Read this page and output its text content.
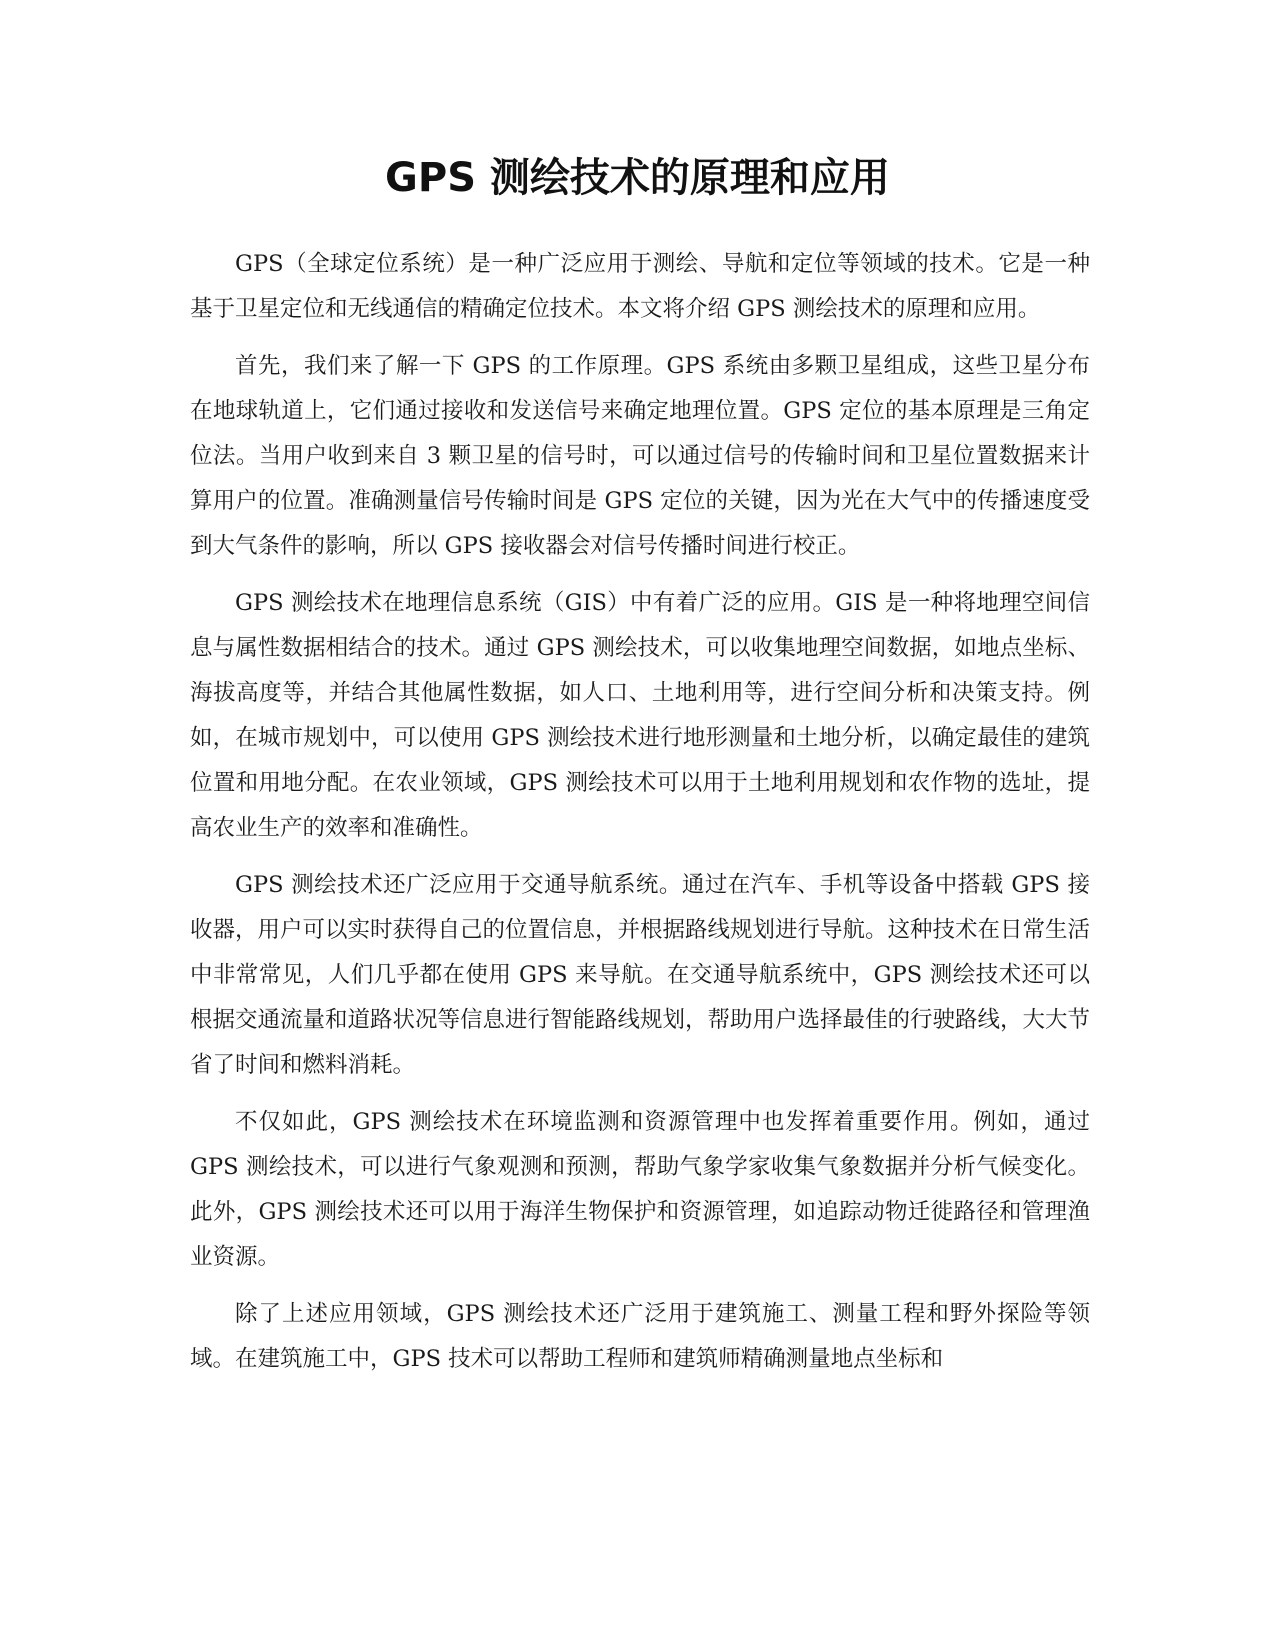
GPS 测绘技术的原理和应用

GPS（全球定位系统）是一种广泛应用于测绘、导航和定位等领域的技术。它是一种基于卫星定位和无线通信的精确定位技术。本文将介绍 GPS 测绘技术的原理和应用。

首先，我们来了解一下 GPS 的工作原理。GPS 系统由多颗卫星组成，这些卫星分布在地球轨道上，它们通过接收和发送信号来确定地理位置。GPS 定位的基本原理是三角定位法。当用户收到来自 3 颗卫星的信号时，可以通过信号的传输时间和卫星位置数据来计算用户的位置。准确测量信号传输时间是 GPS 定位的关键，因为光在大气中的传播速度受到大气条件的影响，所以 GPS 接收器会对信号传播时间进行校正。

GPS 测绘技术在地理信息系统（GIS）中有着广泛的应用。GIS 是一种将地理空间信息与属性数据相结合的技术。通过 GPS 测绘技术，可以收集地理空间数据，如地点坐标、海拔高度等，并结合其他属性数据，如人口、土地利用等，进行空间分析和决策支持。例如，在城市规划中，可以使用 GPS 测绘技术进行地形测量和土地分析，以确定最佳的建筑位置和用地分配。在农业领域，GPS 测绘技术可以用于土地利用规划和农作物的选址，提高农业生产的效率和准确性。

GPS 测绘技术还广泛应用于交通导航系统。通过在汽车、手机等设备中搭载 GPS 接收器，用户可以实时获得自己的位置信息，并根据路线规划进行导航。这种技术在日常生活中非常常见，人们几乎都在使用 GPS 来导航。在交通导航系统中，GPS 测绘技术还可以根据交通流量和道路状况等信息进行智能路线规划，帮助用户选择最佳的行驶路线，大大节省了时间和燃料消耗。

不仅如此，GPS 测绘技术在环境监测和资源管理中也发挥着重要作用。例如，通过 GPS 测绘技术，可以进行气象观测和预测，帮助气象学家收集气象数据并分析气候变化。此外，GPS 测绘技术还可以用于海洋生物保护和资源管理，如追踪动物迁徙路径和管理渔业资源。

除了上述应用领域，GPS 测绘技术还广泛用于建筑施工、测量工程和野外探险等领域。在建筑施工中，GPS 技术可以帮助工程师和建筑师精确测量地点坐标和
